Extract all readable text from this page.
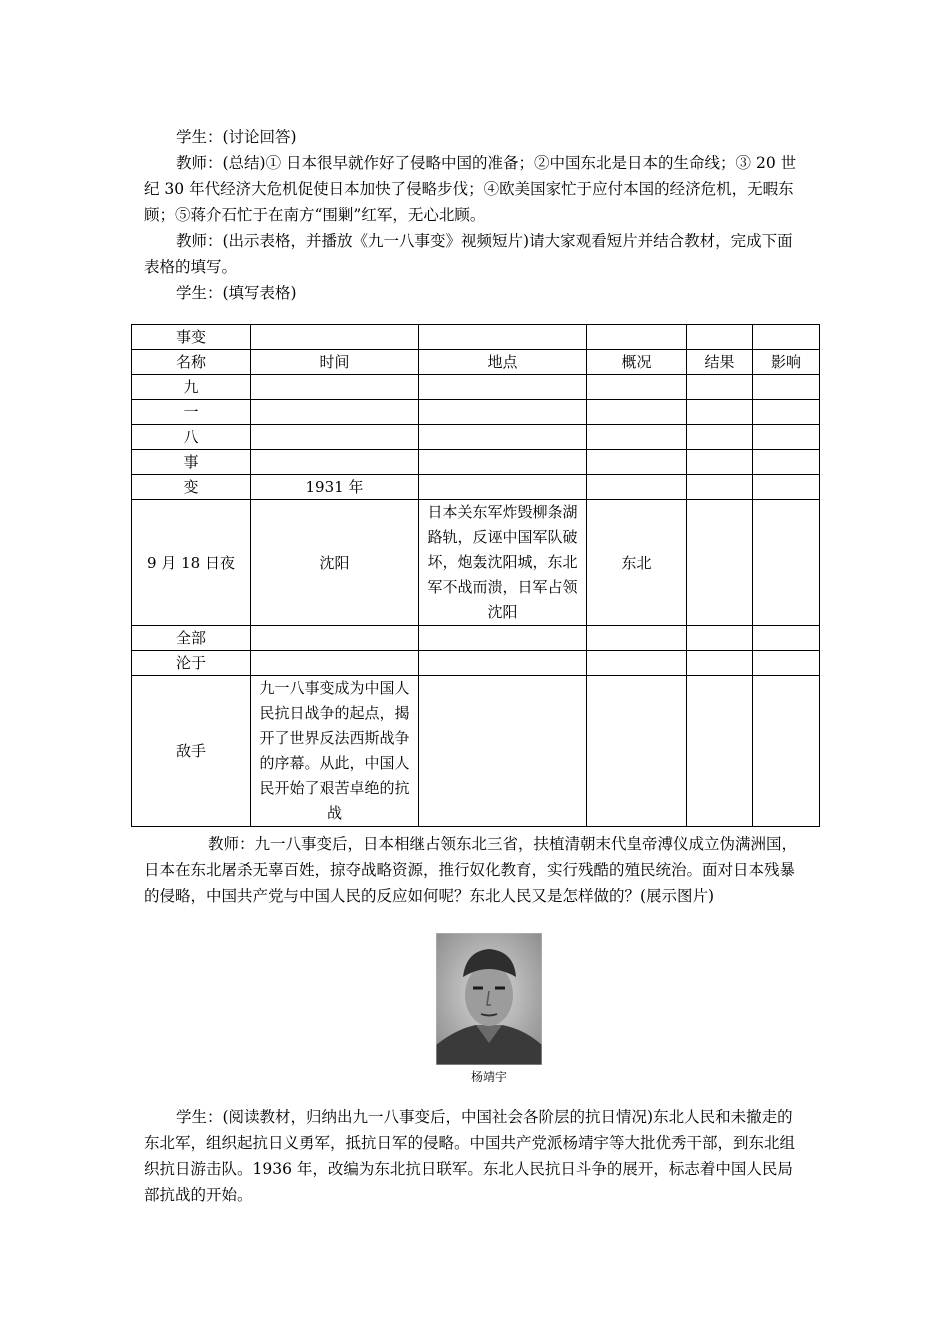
学生：(讨论回答)

教师：(总结)① 日本很早就作好了侵略中国的准备；②中国东北是日本的生命线；③ 20 世纪 30 年代经济大危机促使日本加快了侵略步伐；④欧美国家忙于应付本国的经济危机，无暇东顾；⑤蒋介石忙于在南方“围剿”红军，无心北顾。

教师：(出示表格，并播放《九一八事变》视频短片)请大家观看短片并结合教材，完成下面表格的填写。

学生：(填写表格)

事变					
名称	时间	地点	概况	结果	影响
九					
一					
八					
事					
变	1931 年				
9 月 18 日夜	沈阳	日本关东军炸毁柳条湖路轨，反诬中国军队破坏，炮轰沈阳城，东北军不战而溃，日军占领沈阳	东北		
全部					
沦于					
敌手	九一八事变成为中国人民抗日战争的起点，揭开了世界反法西斯战争的序幕。从此，中国人民开始了艰苦卓绝的抗战				

教师：九一八事变后，日本相继占领东北三省，扶植清朝末代皇帝溥仪成立伪满洲国，日本在东北屠杀无辜百姓，掠夺战略资源，推行奴化教育，实行残酷的殖民统治。面对日本残暴的侵略，中国共产党与中国人民的反应如何呢？东北人民又是怎样做的？(展示图片)

杨靖宇

学生：(阅读教材，归纳出九一八事变后，中国社会各阶层的抗日情况)东北人民和未撤走的东北军，组织起抗日义勇军，抵抗日军的侵略。中国共产党派杨靖宇等大批优秀干部，到东北组织抗日游击队。1936 年，改编为东北抗日联军。东北人民抗日斗争的展开，标志着中国人民局部抗战的开始。
